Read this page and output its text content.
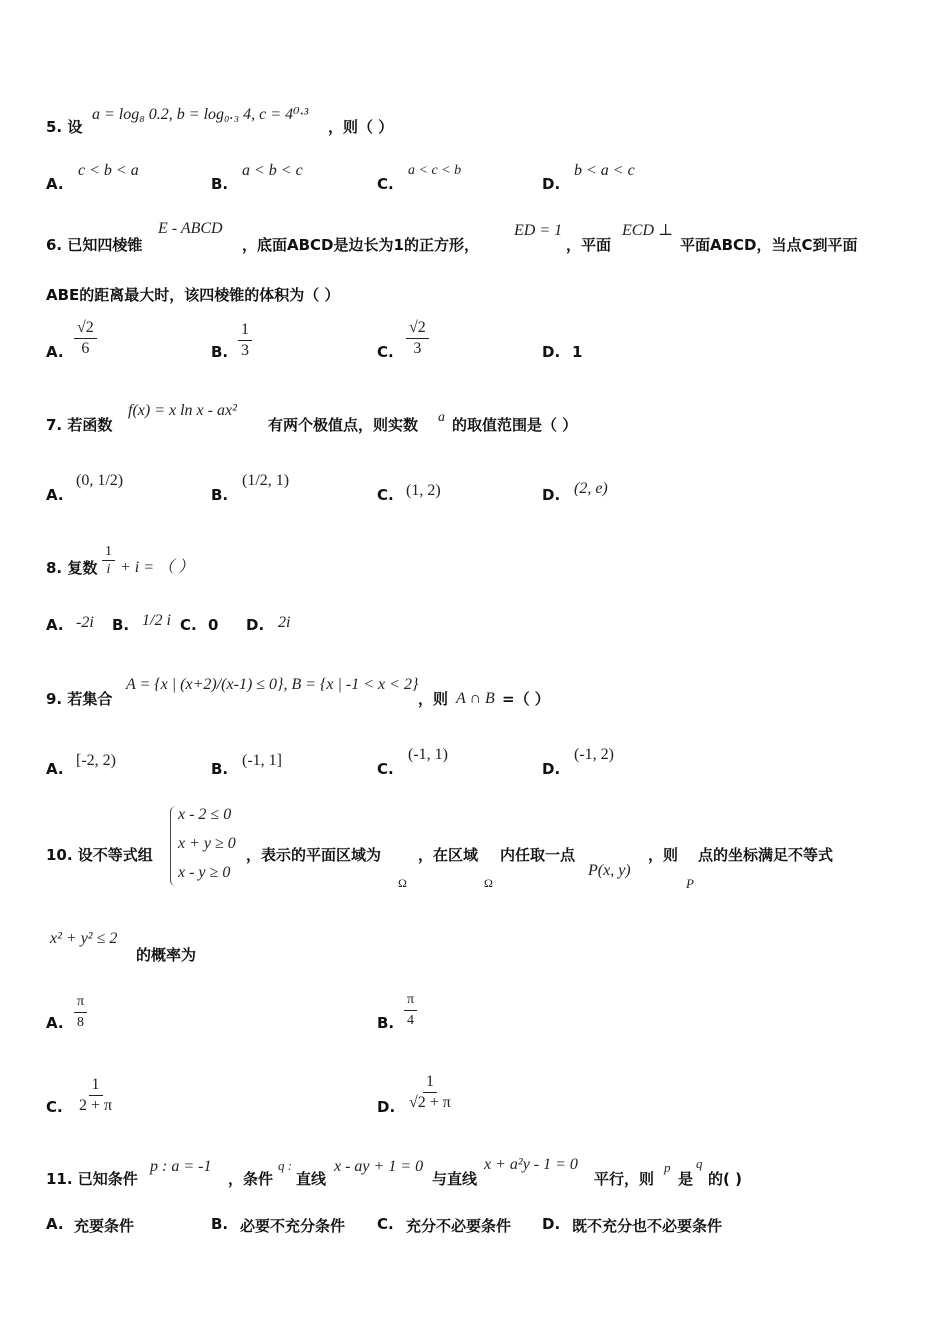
5. 设
a = log₈ 0.2, b = log₀.₃ 4, c = 4⁰·³
，则（ ）
A.
c < b < a
B.
a < b < c
C.
a < c < b
D.
b < a < c
6. 已知四棱锥
E - ABCD
，底面ABCD是边长为1的正方形，
ED = 1
，平面
ECD ⊥
平面ABCD，当点C到平面
ABE的距离最大时，该四棱锥的体积为（ ）
A. $\frac{√2}{6}$	B. $\frac{1}{3}$	C. $\frac{√2}{3}$	D. 1
7. 若函数
f(x) = x ln x - ax²
有两个极值点，则实数 a 的取值范围是（ ）
A.
(0, 1/2)
B.
(1/2, 1)
C. (1, 2)	D. (2, e)
8. 复数 $\frac{1}{i} + i$ = （ ）
A. -2i B. 1/2 i C. 0 D. 2i
9. 若集合
A = {x | (x+2)/(x-1) ≤ 0}, B = {x | -1 < x < 2}
，则 A ∩ B =（ ）
A. [-2, 2)	B. (-1, 1]	C.
(-1, 1)
D.
(-1, 2)
10. 设不等式组
x - 2 ≤ 0
x + y ≥ 0
x - y ≥ 0
，表示的平面区域为
Ω
，在区域
Ω
内任取一点
P(x, y)
，则
P
点的坐标满足不等式
x² + y² ≤ 2
的概率为
A. $\frac{\pi}{8}$	B. $\frac{\pi}{4}$
C. $\frac{1}{2 + \pi}$	D. $\frac{1}{√2 + \pi}$
11. 已知条件
p : a = -1
，条件
q :
直线
x - ay + 1 = 0
与直线
x + a²y - 1 = 0
平行，则
p
是
q
的( )
A. 充要条件	B. 必要不充分条件 C. 充分不必要条件 D. 既不充分也不必要条件
